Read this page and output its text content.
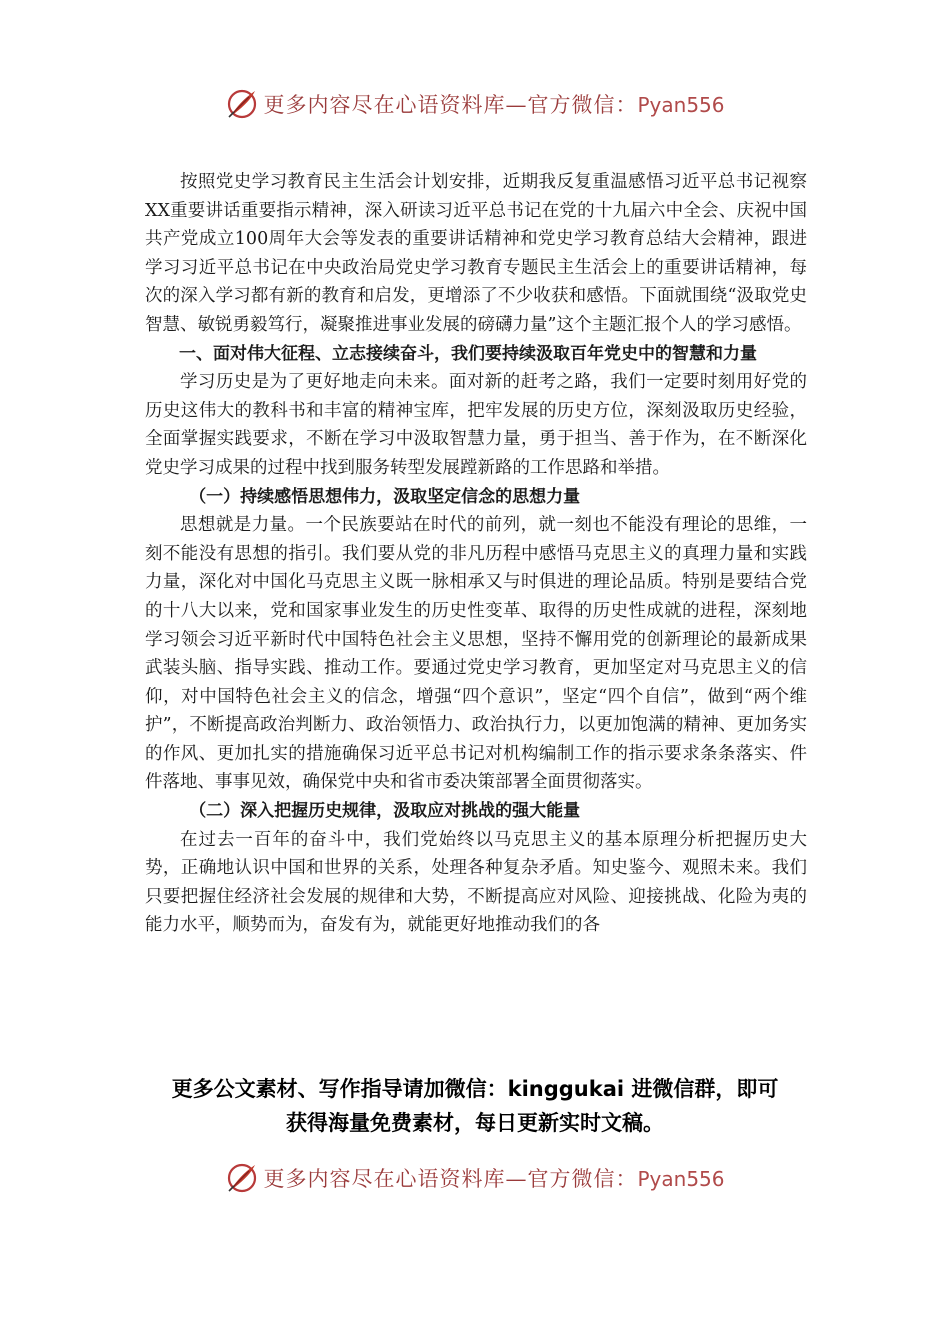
更多内容尽在心语资料库—官方微信：Pyan556

按照党史学习教育民主生活会计划安排，近期我反复重温感悟习近平总书记视察XX重要讲话重要指示精神，深入研读习近平总书记在党的十九届六中全会、庆祝中国共产党成立100周年大会等发表的重要讲话精神和党史学习教育总结大会精神，跟进学习习近平总书记在中央政治局党史学习教育专题民主生活会上的重要讲话精神，每次的深入学习都有新的教育和启发，更增添了不少收获和感悟。下面就围绕“汲取党史智慧、敏锐勇毅笃行，凝聚推进事业发展的磅礴力量”这个主题汇报个人的学习感悟。

一、面对伟大征程、立志接续奋斗，我们要持续汲取百年党史中的智慧和力量

学习历史是为了更好地走向未来。面对新的赶考之路，我们一定要时刻用好党的历史这伟大的教科书和丰富的精神宝库，把牢发展的历史方位，深刻汲取历史经验，全面掌握实践要求，不断在学习中汲取智慧力量，勇于担当、善于作为，在不断深化党史学习成果的过程中找到服务转型发展蹚新路的工作思路和举措。

（一）持续感悟思想伟力，汲取坚定信念的思想力量

思想就是力量。一个民族要站在时代的前列，就一刻也不能没有理论的思维，一刻不能没有思想的指引。我们要从党的非凡历程中感悟马克思主义的真理力量和实践力量，深化对中国化马克思主义既一脉相承又与时俱进的理论品质。特别是要结合党的十八大以来，党和国家事业发生的历史性变革、取得的历史性成就的进程，深刻地学习领会习近平新时代中国特色社会主义思想，坚持不懈用党的创新理论的最新成果武装头脑、指导实践、推动工作。要通过党史学习教育，更加坚定对马克思主义的信仰，对中国特色社会主义的信念，增强“四个意识”，坚定“四个自信”，做到“两个维护”，不断提高政治判断力、政治领悟力、政治执行力，以更加饱满的精神、更加务实的作风、更加扎实的措施确保习近平总书记对机构编制工作的指示要求条条落实、件件落地、事事见效，确保党中央和省市委决策部署全面贯彻落实。

（二）深入把握历史规律，汲取应对挑战的强大能量

在过去一百年的奋斗中，我们党始终以马克思主义的基本原理分析把握历史大势，正确地认识中国和世界的关系，处理各种复杂矛盾。知史鉴今、观照未来。我们只要把握住经济社会发展的规律和大势，不断提高应对风险、迎接挑战、化险为夷的能力水平，顺势而为，奋发有为，就能更好地推动我们的各

更多公文素材、写作指导请加微信：kinggukai 进微信群，即可
获得海量免费素材，每日更新实时文稿。
更多内容尽在心语资料库—官方微信：Pyan556
